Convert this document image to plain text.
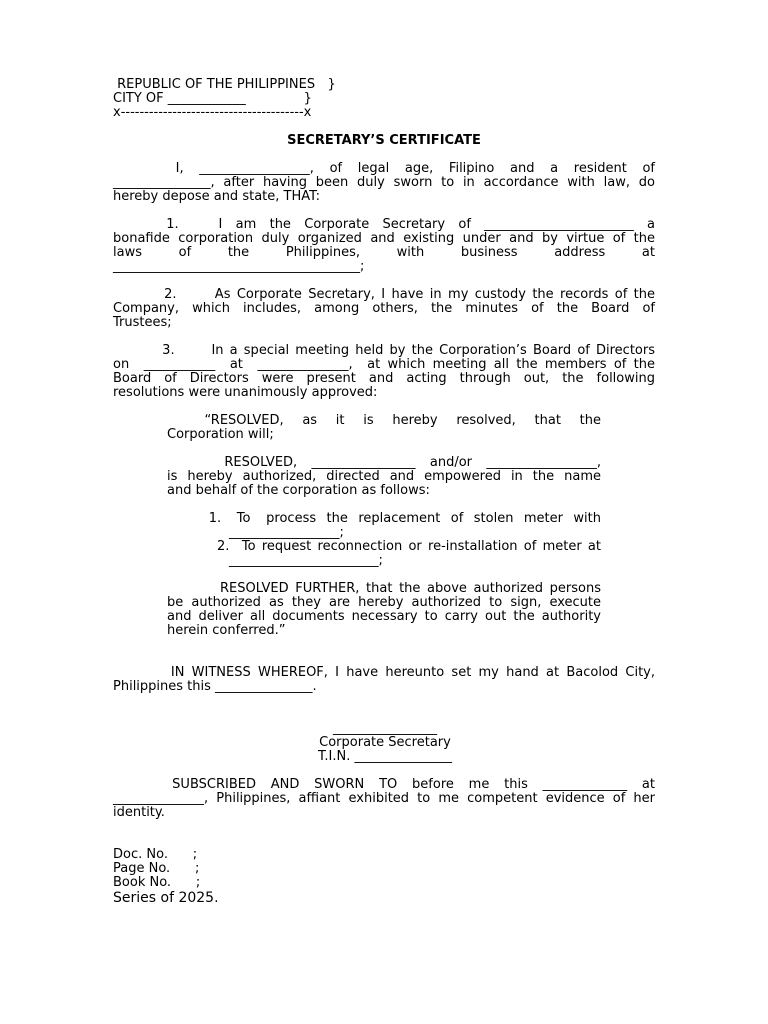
REPUBLIC OF THE PHILIPPINES   }
CITY OF ____________              }
x---------------------------------------x
SECRETARY’S CERTIFICATE
I,  _________________,  of  legal  age,  Filipino  and  a  resident  of
_______________, after having been duly sworn to in accordance with law, do
hereby depose and state, THAT:
1.      I  am  the  Corporate  Secretary  of  _______________________  a
bonafide corporation duly organized and existing under and by virtue of the
laws      of      the      Philippines,      with      business      address      at
______________________________________;
2.      As Corporate Secretary, I have in my custody the records of the
Company,  which  includes,  among  others,  the  minutes  of  the  Board  of
Trustees;
3.      In a special meeting held by the Corporation’s Board of Directors
on  ___________  at  ______________,  at which meeting all the members of the
Board  of  Directors  were  present  and  acting  through  out,  the  following
resolutions were unanimously approved:
“RESOLVED,    as    it    is    hereby    resolved,    that    the
Corporation will;
RESOLVED,  ________________  and/or  _________________,
is hereby authorized, directed and empowered in the name
and behalf of the corporation as follows:
1.   To   process  the  replacement  of  stolen  meter  with
_________________;
2.  To request reconnection or re-installation of meter at
_______________________;
RESOLVED FURTHER, that the above authorized persons
be authorized as they are hereby authorized to sign, execute
and deliver all documents necessary to carry out the authority
herein conferred.”
IN WITNESS WHEREOF, I have hereunto set my hand at Bacolod City,
Philippines this _______________.
________________
Corporate Secretary
T.I.N. _______________
SUBSCRIBED  AND  SWORN  TO  before  me  this  _____________  at
______________, Philippines, affiant exhibited to me competent evidence of her
identity.
Doc. No.      ;
Page No.      ;
Book No.      ;
Series of 2025.
